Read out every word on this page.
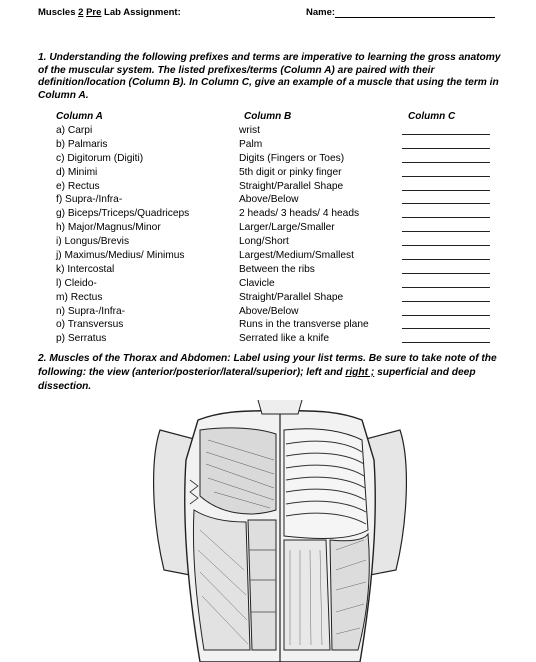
Muscles 2 Pre Lab Assignment:	Name:
1. Understanding the following prefixes and terms are imperative to learning the gross anatomy of the muscular system. The listed prefixes/terms (Column A) are paired with their definition/location (Column B). In Column C, give an example of a muscle that using the term in Column A.
Column A	Column B	Column C
a) Carpi	wrist
b) Palmaris	Palm
c) Digitorum (Digiti)	Digits (Fingers or Toes)
d) Minimi	5th digit or pinky finger
e) Rectus	Straight/Parallel Shape
f) Supra-/Infra-	Above/Below
g) Biceps/Triceps/Quadriceps	2 heads/ 3 heads/ 4 heads
h) Major/Magnus/Minor	Larger/Large/Smaller
i) Longus/Brevis	Long/Short
j) Maximus/Medius/ Minimus	Largest/Medium/Smallest
k) Intercostal	Between the ribs
l) Cleido-	Clavicle
m) Rectus	Straight/Parallel Shape
n) Supra-/Infra-	Above/Below
o) Transversus	Runs in the transverse plane
p) Serratus	Serrated like a knife
2. Muscles of the Thorax and Abdomen: Label using your list terms. Be sure to take note of the following: the view (anterior/posterior/lateral/superior); left and right ; superficial and deep dissection.
